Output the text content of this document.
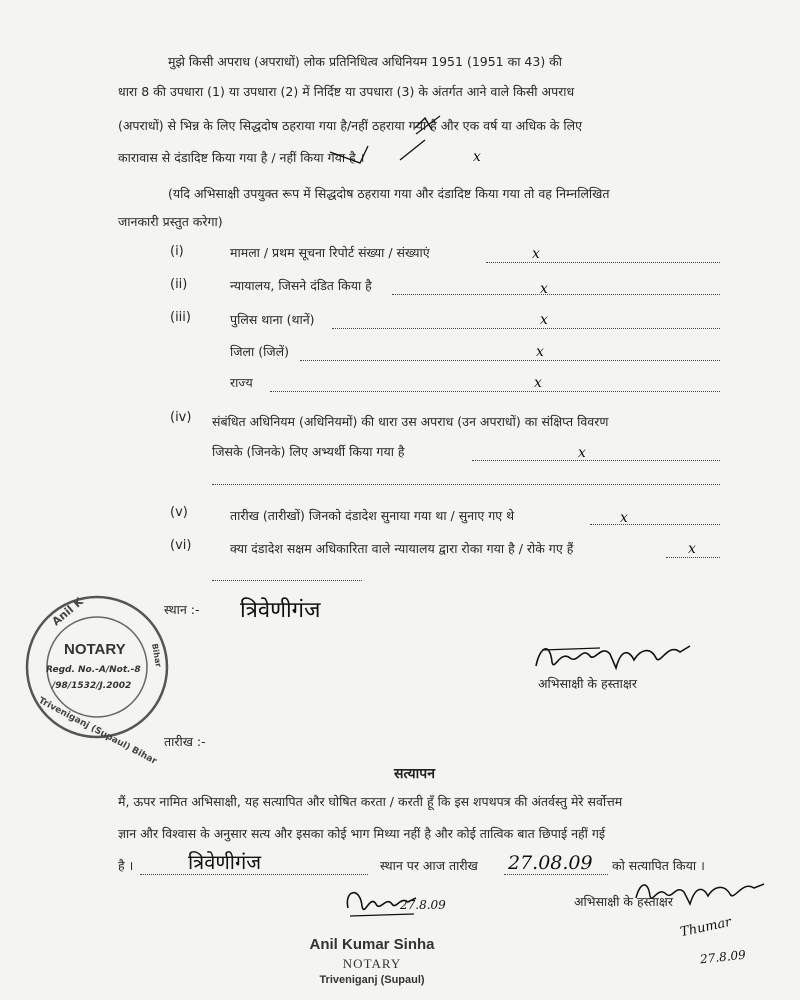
मुझे किसी अपराध (अपराधों) लोक प्रतिनिधित्व अधिनियम 1951 (1951 का 43) की
धारा 8 की उपधारा (1) या उपधारा (2) में निर्दिष्ट या उपधारा (3) के अंतर्गत आने वाले किसी अपराध
(अपराधों) से भिन्न के लिए सिद्धदोष ठहराया गया है/नहीं ठहराया गया है और एक वर्ष या अधिक के लिए
कारावास से दंडादिष्ट किया गया है / नहीं किया गया है ।	x
(यदि अभिसाक्षी उपयुक्त रूप में सिद्धदोष ठहराया गया और दंडादिष्ट किया गया तो वह निम्नलिखित
जानकारी प्रस्तुत करेगा)
(i)	मामला / प्रथम सूचना रिपोर्ट संख्या / संख्याएं	x
(ii)	न्यायालय, जिसने दंडित किया है	x
(iii)	पुलिस थाना (थानें)	x
जिला (जिलें)	x
राज्य	x
(iv) संबंधित अधिनियम (अधिनियमों) की धारा उस अपराध (उन अपराधों) का संक्षिप्त विवरण
जिसके (जिनके) लिए अभ्यर्थी किया गया है	x
(v)	तारीख (तारीखों) जिनको दंडादेश सुनाया गया था / सुनाए गए थे	x
(vi)	क्या दंडादेश सक्षम अधिकारिता वाले न्यायालय द्वारा रोका गया है / रोके गए हैं	x
स्थान :- त्रिवेणीगंज
Anil K
NOTARY
Regd. No.-A/Not.-8
/98/1532/J.2002
Triveniganj (Supaul) Bihar
Bihar
अभिसाक्षी के हस्ताक्षर
तारीख :-
सत्यापन
मैं, ऊपर नामित अभिसाक्षी, यह सत्यापित और घोषित करता / करती हूँ कि इस शपथपत्र की अंतर्वस्तु मेरे सर्वोत्तम
ज्ञान और विश्वास के अनुसार सत्य और इसका कोई भाग मिथ्या नहीं है और कोई तात्विक बात छिपाई नहीं गई
है ।	त्रिवेणीगंज	स्थान पर आज तारीख 27.08.09 को सत्यापित किया ।
अभिसाक्षी के हस्ताक्षर
27.8.09
Anil Kumar Sinha
NOTARY
Triveniganj (Supaul)
Thumar
27.8.09
